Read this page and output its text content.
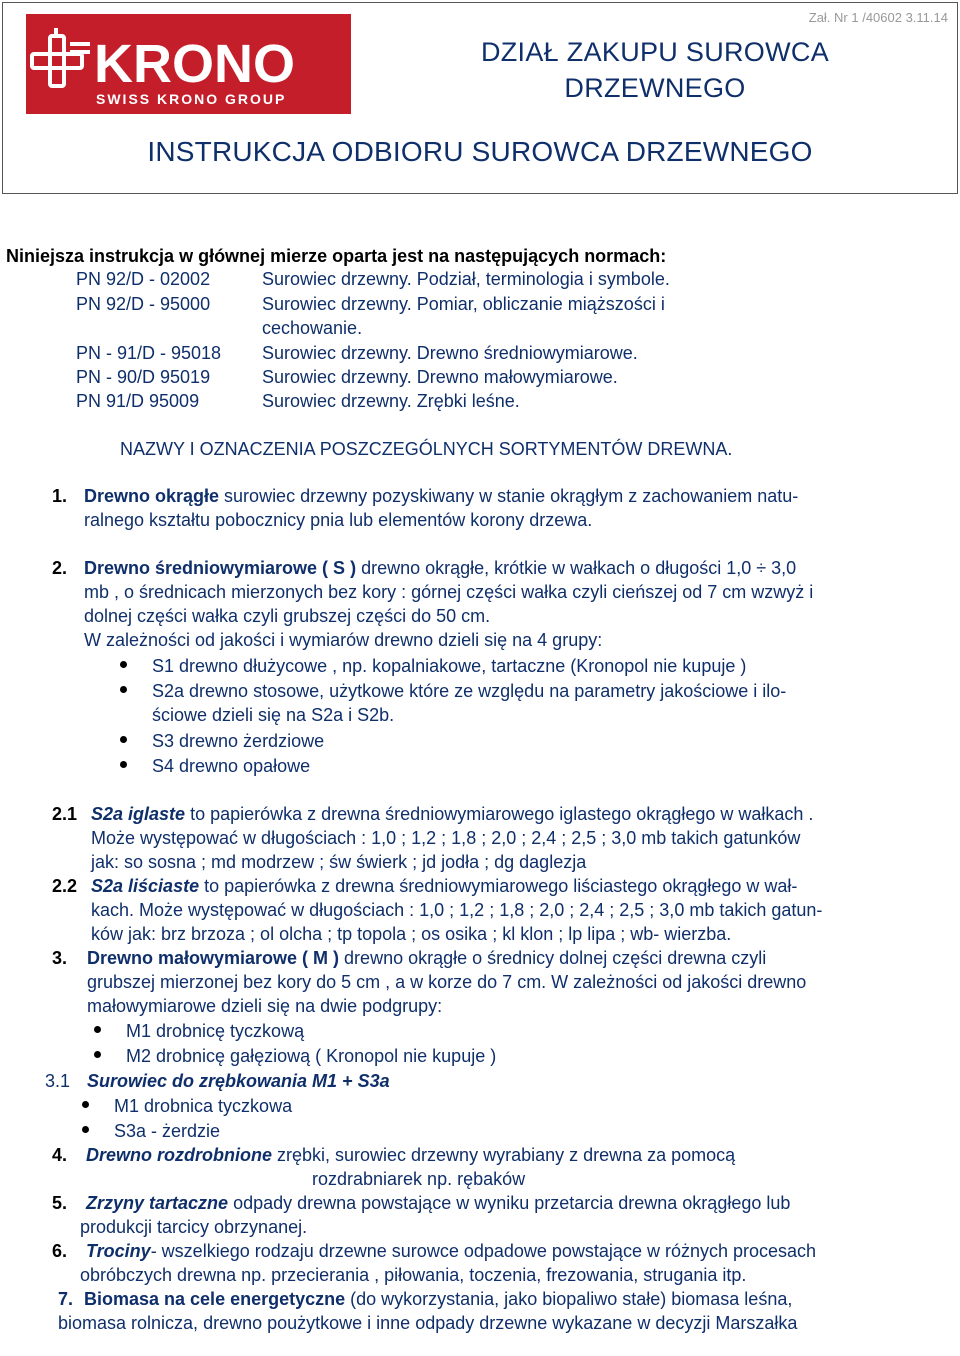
KRONO
SWISS KRONO GROUP
Zał. Nr 1 /40602 3.11.14
DZIAŁ ZAKUPU SUROWCA
DRZEWNEGO
INSTRUKCJA ODBIORU SUROWCA DRZEWNEGO
Niniejsza instrukcja w głównej mierze oparta jest na następujących normach:
PN 92/D - 02002	Surowiec drzewny. Podział, terminologia i symbole.
PN 92/D - 95000	Surowiec drzewny. Pomiar, obliczanie miąższości i
cechowanie.
PN - 91/D - 95018 Surowiec drzewny. Drewno średniowymiarowe.
PN - 90/D 95019	Surowiec drzewny. Drewno małowymiarowe.
PN 91/D 95009	Surowiec drzewny. Zrębki leśne.
NAZWY I OZNACZENIA POSZCZEGÓLNYCH SORTYMENTÓW DREWNA.
1. Drewno okrągłe surowiec drzewny pozyskiwany w stanie okrągłym z zachowaniem natu-
ralnego kształtu pobocznicy pnia lub elementów korony drzewa.
2. Drewno średniowymiarowe ( S ) drewno okrągłe, krótkie w wałkach o długości 1,0 ÷ 3,0
mb , o średnicach mierzonych bez kory : górnej części wałka czyli cieńszej od 7 cm wzwyż i
dolnej części wałka czyli grubszej części do 50 cm.
W zależności od jakości i wymiarów drewno dzieli się na 4 grupy:
S1 drewno dłużycowe , np. kopalniakowe, tartaczne (Kronopol nie kupuje )
S2a drewno stosowe, użytkowe które ze względu na parametry jakościowe i ilo-
ściowe dzieli się na S2a i S2b.
S3 drewno żerdziowe
S4 drewno opałowe
2.1 S2a iglaste to papierówka z drewna średniowymiarowego iglastego okrągłego w wałkach .
Może występować w długościach : 1,0 ; 1,2 ; 1,8 ; 2,0 ; 2,4 ; 2,5 ; 3,0 mb takich gatunków
jak: so sosna ; md modrzew ; św świerk ; jd jodła ; dg daglezja
2.2 S2a liściaste to papierówka z drewna średniowymiarowego liściastego okrągłego w wał-
kach. Może występować w długościach : 1,0 ; 1,2 ; 1,8 ; 2,0 ; 2,4 ; 2,5 ; 3,0 mb takich gatun-
ków jak: brz brzoza ; ol olcha ; tp topola ; os osika ; kl klon ; lp lipa ; wb- wierzba.
3. Drewno małowymiarowe ( M ) drewno okrągłe o średnicy dolnej części drewna czyli
grubszej mierzonej bez kory do 5 cm , a w korze do 7 cm. W zależności od jakości drewno
małowymiarowe dzieli się na dwie podgrupy:
M1 drobnicę tyczkową
M2 drobnicę gałęziową ( Kronopol nie kupuje )
3.1 Surowiec do zrębkowania M1 + S3a
M1 drobnica tyczkowa
S3a - żerdzie
4. Drewno rozdrobnione zrębki, surowiec drzewny wyrabiany z drewna za pomocą
rozdrabniarek np. rębaków
5. Zrzyny tartaczne odpady drewna powstające w wyniku przetarcia drewna okrągłego lub
produkcji tarcicy obrzynanej.
6. Trociny- wszelkiego rodzaju drzewne surowce odpadowe powstające w różnych procesach
obróbczych drewna np. przecierania , piłowania, toczenia, frezowania, strugania itp.
7. Biomasa na cele energetyczne (do wykorzystania, jako biopaliwo stałe) biomasa leśna,
biomasa rolnicza, drewno poużytkowe i inne odpady drzewne wykazane w decyzji Marszałka
